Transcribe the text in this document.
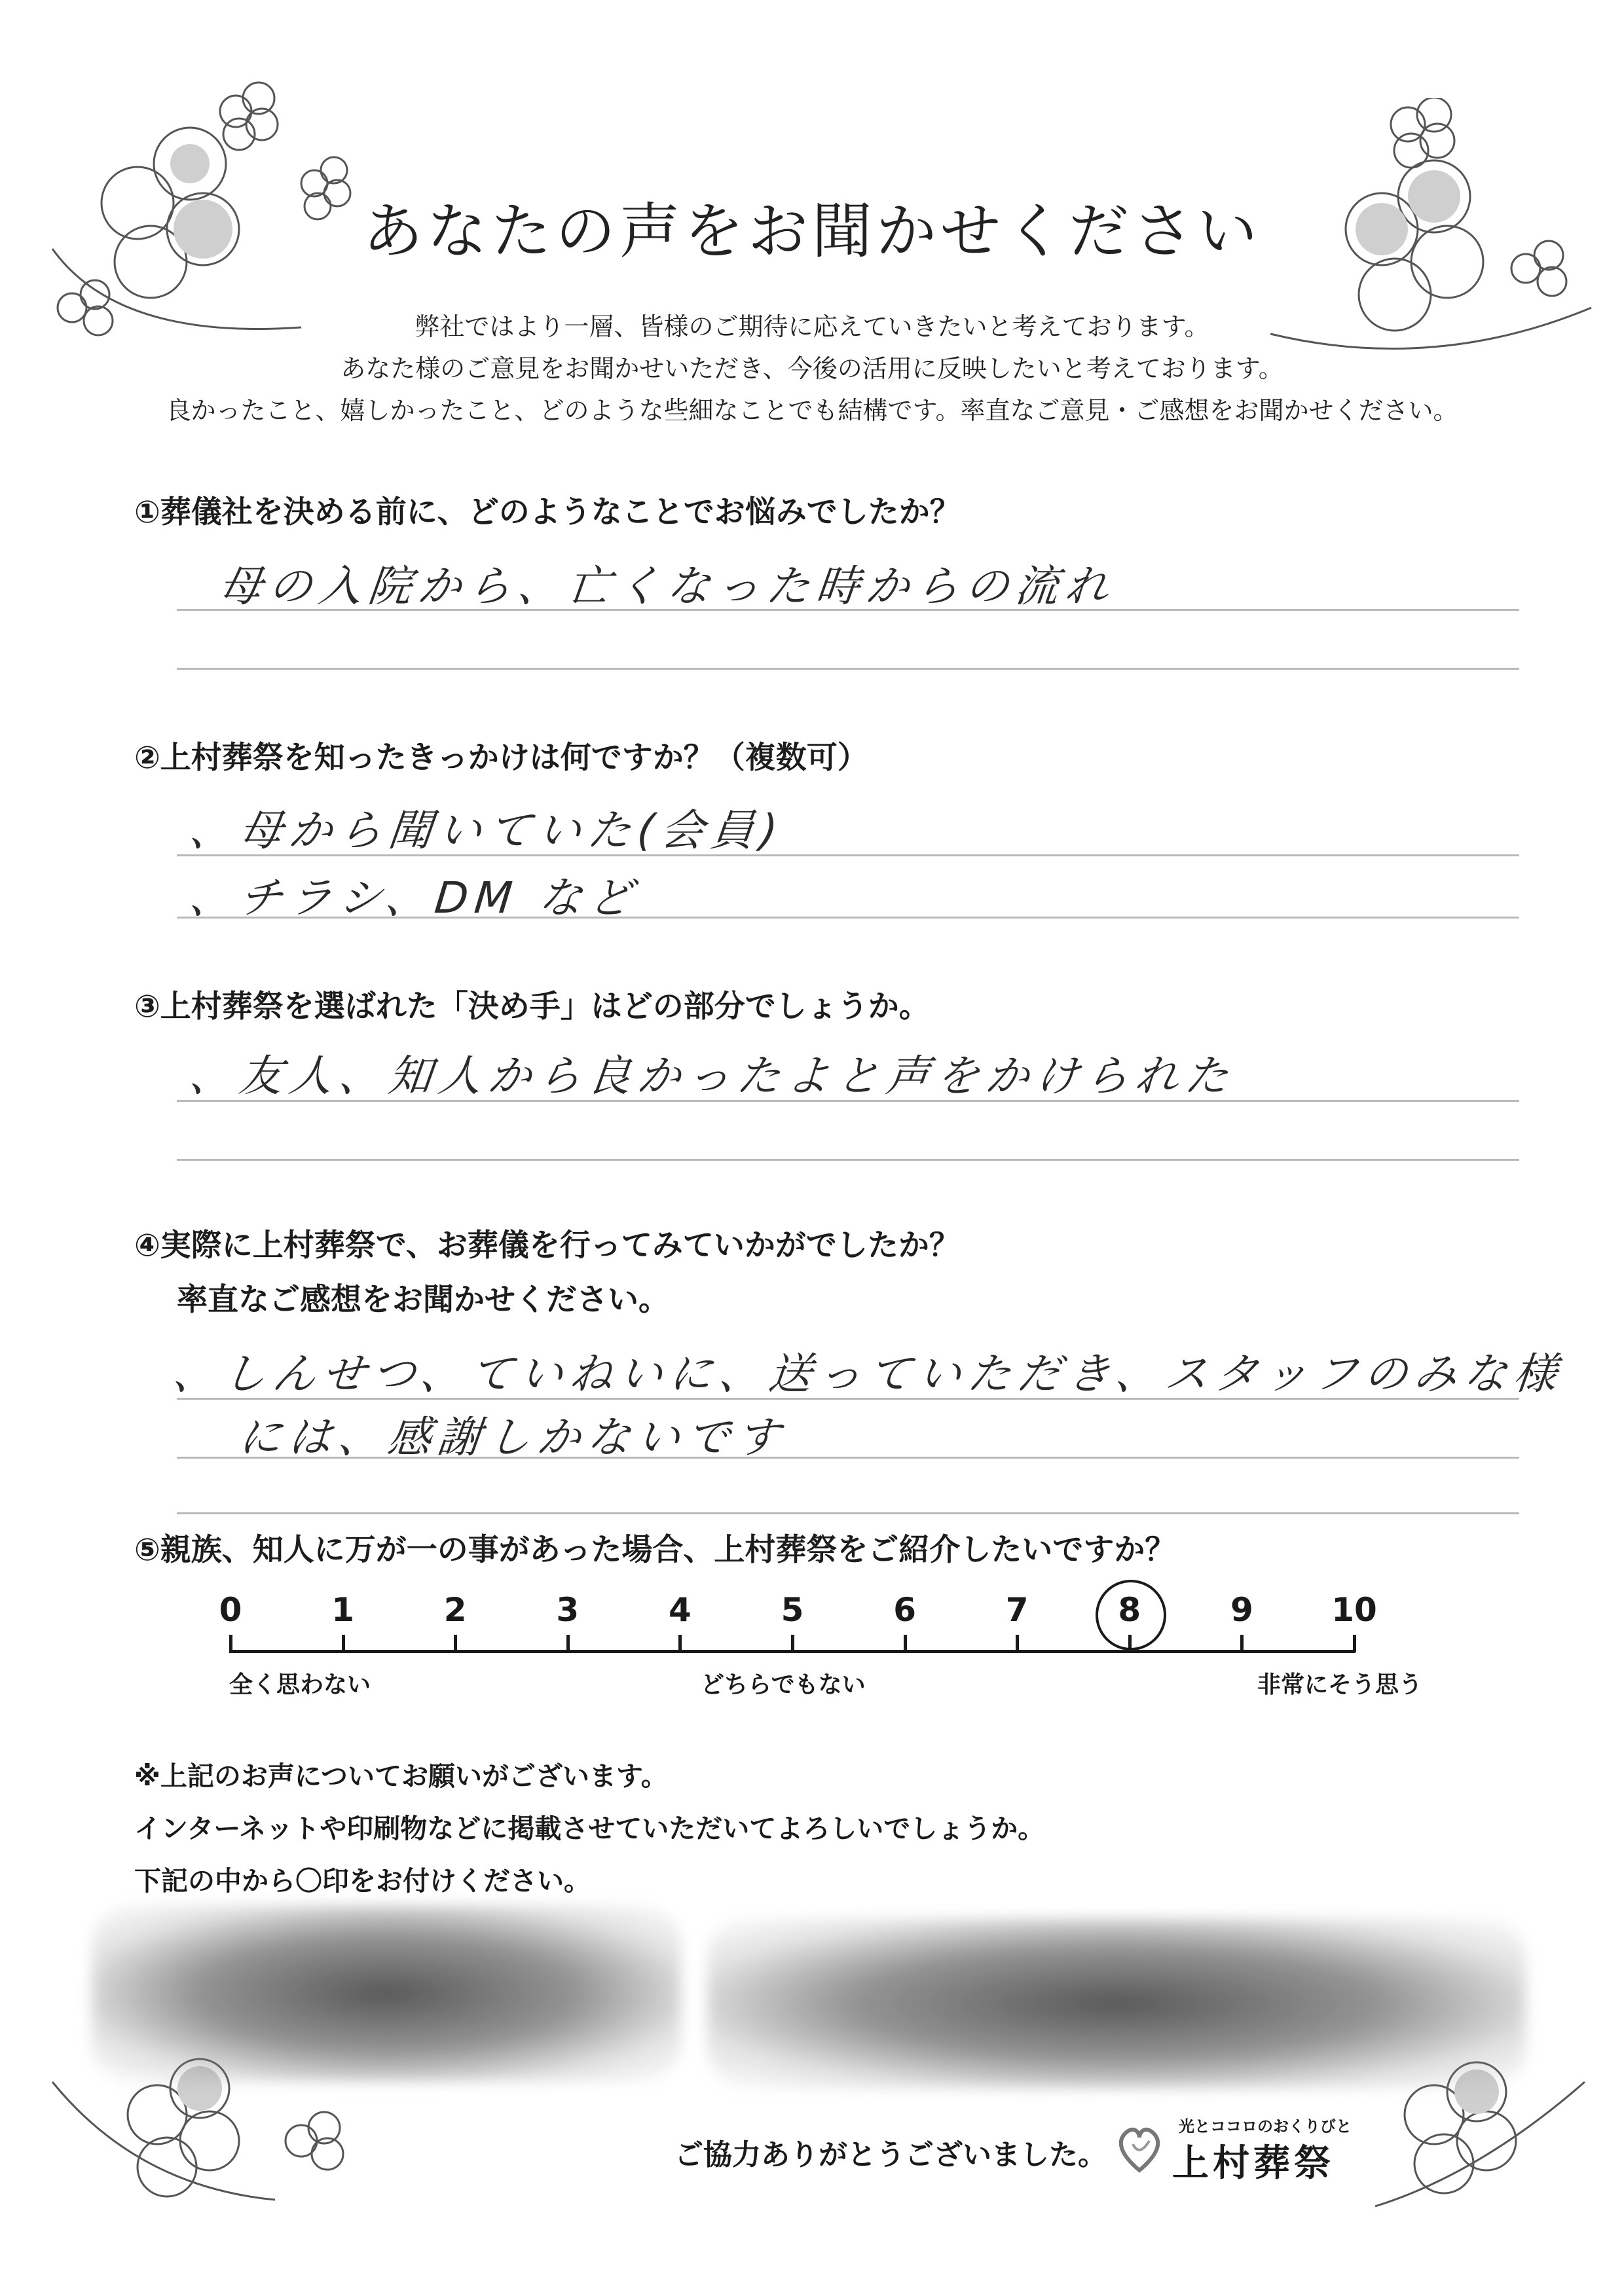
あなたの声をお聞かせください
弊社ではより一層、皆様のご期待に応えていきたいと考えております。
あなた様のご意見をお聞かせいただき、今後の活用に反映したいと考えております。
良かったこと、嬉しかったこと、どのような些細なことでも結構です。率直なご意見・ご感想をお聞かせください。
①葬儀社を決める前に、どのようなことでお悩みでしたか？
母の入院から、亡くなった時からの流れ
②上村葬祭を知ったきっかけは何ですか？（複数可）
、母から聞いていた(会員)
、チラシ、DM など
③上村葬祭を選ばれた「決め手」はどの部分でしょうか。
、友人、知人から良かったよと声をかけられた
④実際に上村葬祭で、お葬儀を行ってみていかがでしたか？
率直なご感想をお聞かせください。
、しんせつ、ていねいに、送っていただき、スタッフのみな様
には、感謝しかないです
⑤親族、知人に万が一の事があった場合、上村葬祭をご紹介したいですか？
0	1	2	3	4	5	6	7	8	9	10
全く思わない	どちらでもない	非常にそう思う
※上記のお声についてお願いがございます。
インターネットや印刷物などに掲載させていただいてよろしいでしょうか。
下記の中から〇印をお付けください。
ご協力ありがとうございました。
光とココロのおくりびと
上村葬祭
